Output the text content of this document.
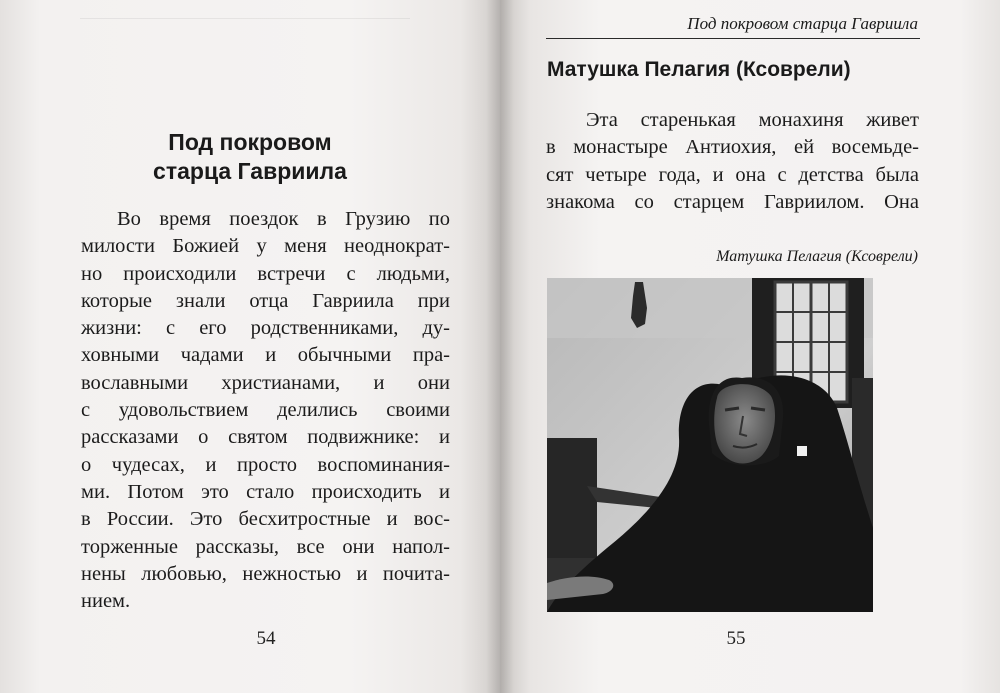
Под покровом
старца Гавриила
Во время поездок в Грузию по
милости Божией у меня неоднократ-
но происходили встречи с людьми,
которые знали отца Гавриила при
жизни: с его родственниками, ду-
ховными чадами и обычными пра-
вославными христианами, и они
с удовольствием делились своими
рассказами о святом подвижнике: и
о чудесах, и просто воспоминания-
ми. Потом это стало происходить и
в России. Это бесхитростные и вос-
торженные рассказы, все они напол-
нены любовью, нежностью и почита-
нием.
54
Под покровом старца Гавриила
Матушка Пелагия (Ксоврели)
Эта старенькая монахиня живет
в монастыре Антиохия, ей восемьде-
сят четыре года, и она с детства была
знакома со старцем Гавриилом. Она
Матушка Пелагия (Ксоврели)
55
